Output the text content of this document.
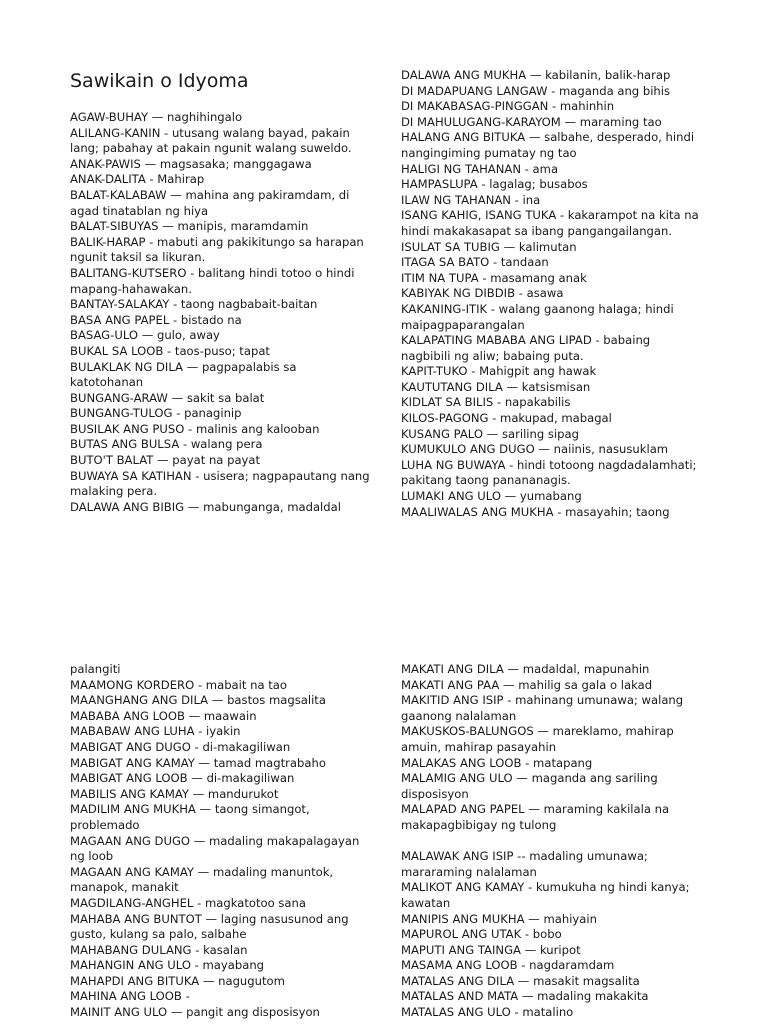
Sawikain o Idyoma
AGAW-BUHAY — naghihingalo
ALILANG-KANIN - utusang walang bayad, pakain lang; pabahay at pakain ngunit walang suweldo.
ANAK-PAWIS — magsasaka; manggagawa
ANAK-DALITA - Mahirap
BALAT-KALABAW — mahina ang pakiramdam, di agad tinatablan ng hiya
BALAT-SIBUYAS — manipis, maramdamin
BALIK-HARAP - mabuti ang pakikitungo sa harapan ngunit taksil sa likuran.
BALITANG-KUTSERO - balitang hindi totoo o hindi mapang-hahawakan.
BANTAY-SALAKAY - taong nagbabait-baitan
BASA ANG PAPEL - bistado na
BASAG-ULO — gulo, away
BUKAL SA LOOB - taos-puso; tapat
BULAKLAK NG DILA — pagpapalabis sa katotohanan
BUNGANG-ARAW — sakit sa balat
BUNGANG-TULOG - panaginip
BUSILAK ANG PUSO - malinis ang kalooban
BUTAS ANG BULSA - walang pera
BUTO'T BALAT — payat na payat
BUWAYA SA KATIHAN - usisera; nagpapautang nang malaking pera.
DALAWA ANG BIBIG — mabunganga, madaldal
DALAWA ANG MUKHA — kabilanin, balik-harap
DI MADAPUANG LANGAW - maganda ang bihis
DI MAKABASAG-PINGGAN - mahinhin
DI MAHULUGANG-KARAYOM — maraming tao
HALANG ANG BITUKA — salbahe, desperado, hindi nangingiming pumatay ng tao
HALIGI NG TAHANAN - ama
HAMPASLUPA - lagalag; busabos
ILAW NG TAHANAN - ina
ISANG KAHIG, ISANG TUKA - kakarampot na kita na hindi makakasapat sa ibang pangangailangan.
ISULAT SA TUBIG — kalimutan
ITAGA SA BATO - tandaan
ITIM NA TUPA - masamang anak
KABIYAK NG DIBDIB - asawa
KAKANING-ITIK - walang gaanong halaga; hindi maipagpaparangalan
KALAPATING MABABA ANG LIPAD - babaing nagbibili ng aliw; babaing puta.
KAPIT-TUKO - Mahigpit ang hawak
KAUTUTANG DILA — katsismisan
KIDLAT SA BILIS - napakabilis
KILOS-PAGONG - makupad, mabagal
KUSANG PALO — sariling sipag
KUMUKULO ANG DUGO — naiinis, nasusuklam
LUHA NG BUWAYA - hindi totoong nagdadalamhati; pakitang taong panananagis.
LUMAKI ANG ULO — yumabang
MAALIWALAS ANG MUKHA - masayahin; taong
palangiti
MAAMONG KORDERO - mabait na tao
MAANGHANG ANG DILA — bastos magsalita
MABABA ANG LOOB — maawain
MABABAW ANG LUHA - iyakin
MABIGAT ANG DUGO - di-makagiliwan
MABIGAT ANG KAMAY — tamad magtrabaho
MABIGAT ANG LOOB — di-makagiliwan
MABILIS ANG KAMAY — mandurukot
MADILIM ANG MUKHA — taong simangot, problemado
MAGAAN ANG DUGO — madaling makapalagayan ng loob
MAGAAN ANG KAMAY — madaling manuntok, manapok, manakit
MAGDILANG-ANGHEL - magkatotoo sana
MAHABA ANG BUNTOT — laging nasusunod ang gusto, kulang sa palo, salbahe
MAHABANG DULANG - kasalan
MAHANGIN ANG ULO - mayabang
MAHAPDI ANG BITUKA — nagugutom
MAHINA ANG LOOB -
MAINIT ANG ULO — pangit ang disposisyon
MAKATI ANG DILA — madaldal, mapunahin
MAKATI ANG PAA — mahilig sa gala o lakad
MAKITID ANG ISIP - mahinang umunawa; walang gaanong nalalaman
MAKUSKOS-BALUNGOS — mareklamo, mahirap amuin, mahirap pasayahin
MALAKAS ANG LOOB - matapang
MALAMIG ANG ULO — maganda ang sariling disposisyon
MALAPAD ANG PAPEL — maraming kakilala na makapagbibigay ng tulong
MALAWAK ANG ISIP -- madaling umunawa; mararaming nalalaman
MALIKOT ANG KAMAY - kumukuha ng hindi kanya; kawatan
MANIPIS ANG MUKHA — mahiyain
MAPUROL ANG UTAK - bobo
MAPUTI ANG TAINGA — kuripot
MASAMA ANG LOOB - nagdaramdam
MATALAS ANG DILA — masakit magsalita
MATALAS AND MATA — madaling makakita
MATALAS ANG ULO - matalino
